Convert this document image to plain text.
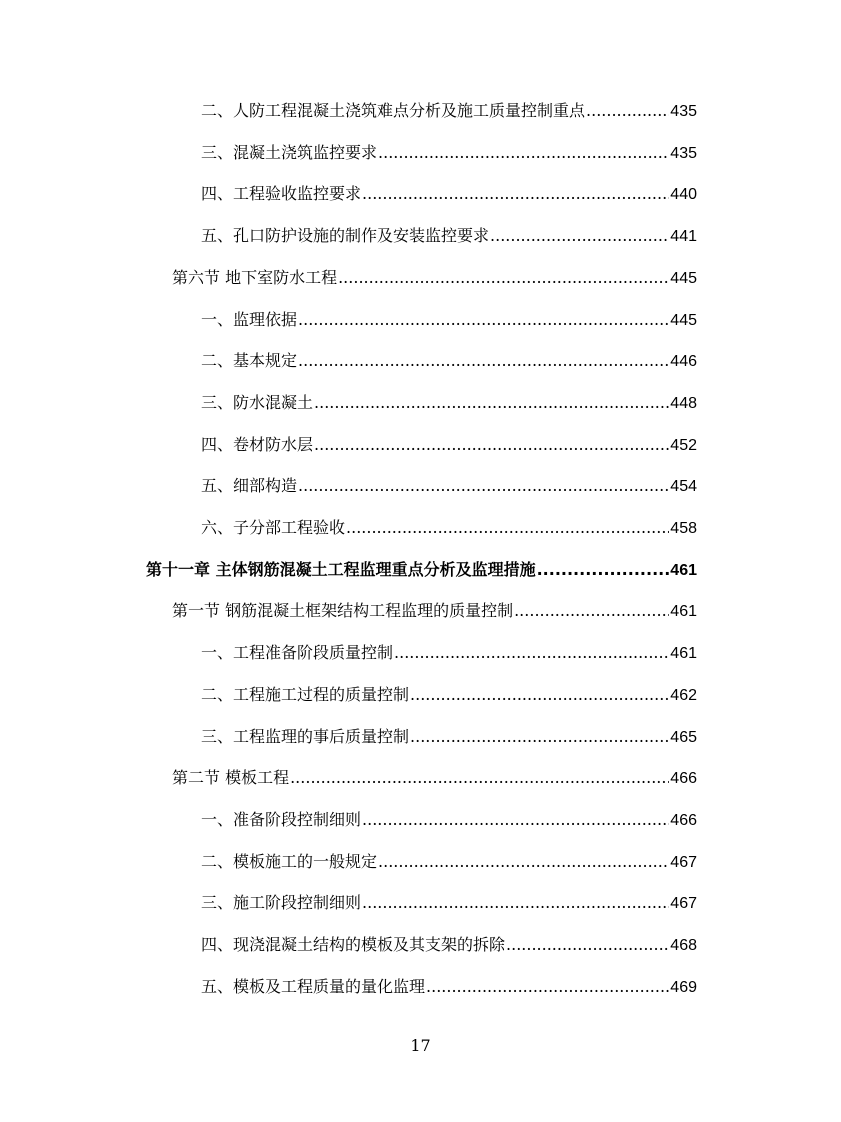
二、人防工程混凝土浇筑难点分析及施工质量控制重点 .....	435
三、混凝土浇筑监控要求 .....	435
四、工程验收监控要求 .....	440
五、孔口防护设施的制作及安装监控要求 .....	441
第六节 地下室防水工程 .....	445
一、监理依据 .....	445
二、基本规定 .....	446
三、防水混凝土 .....	448
四、卷材防水层 .....	452
五、细部构造 .....	454
六、子分部工程验收 .....	458
第十一章 主体钢筋混凝土工程监理重点分析及监理措施 .....	461
第一节 钢筋混凝土框架结构工程监理的质量控制 .....	461
一、工程准备阶段质量控制 .....	461
二、工程施工过程的质量控制 .....	462
三、工程监理的事后质量控制 .....	465
第二节 模板工程 .....	466
一、准备阶段控制细则 .....	466
二、模板施工的一般规定 .....	467
三、施工阶段控制细则 .....	467
四、现浇混凝土结构的模板及其支架的拆除 .....	468
五、模板及工程质量的量化监理 .....	469
17
